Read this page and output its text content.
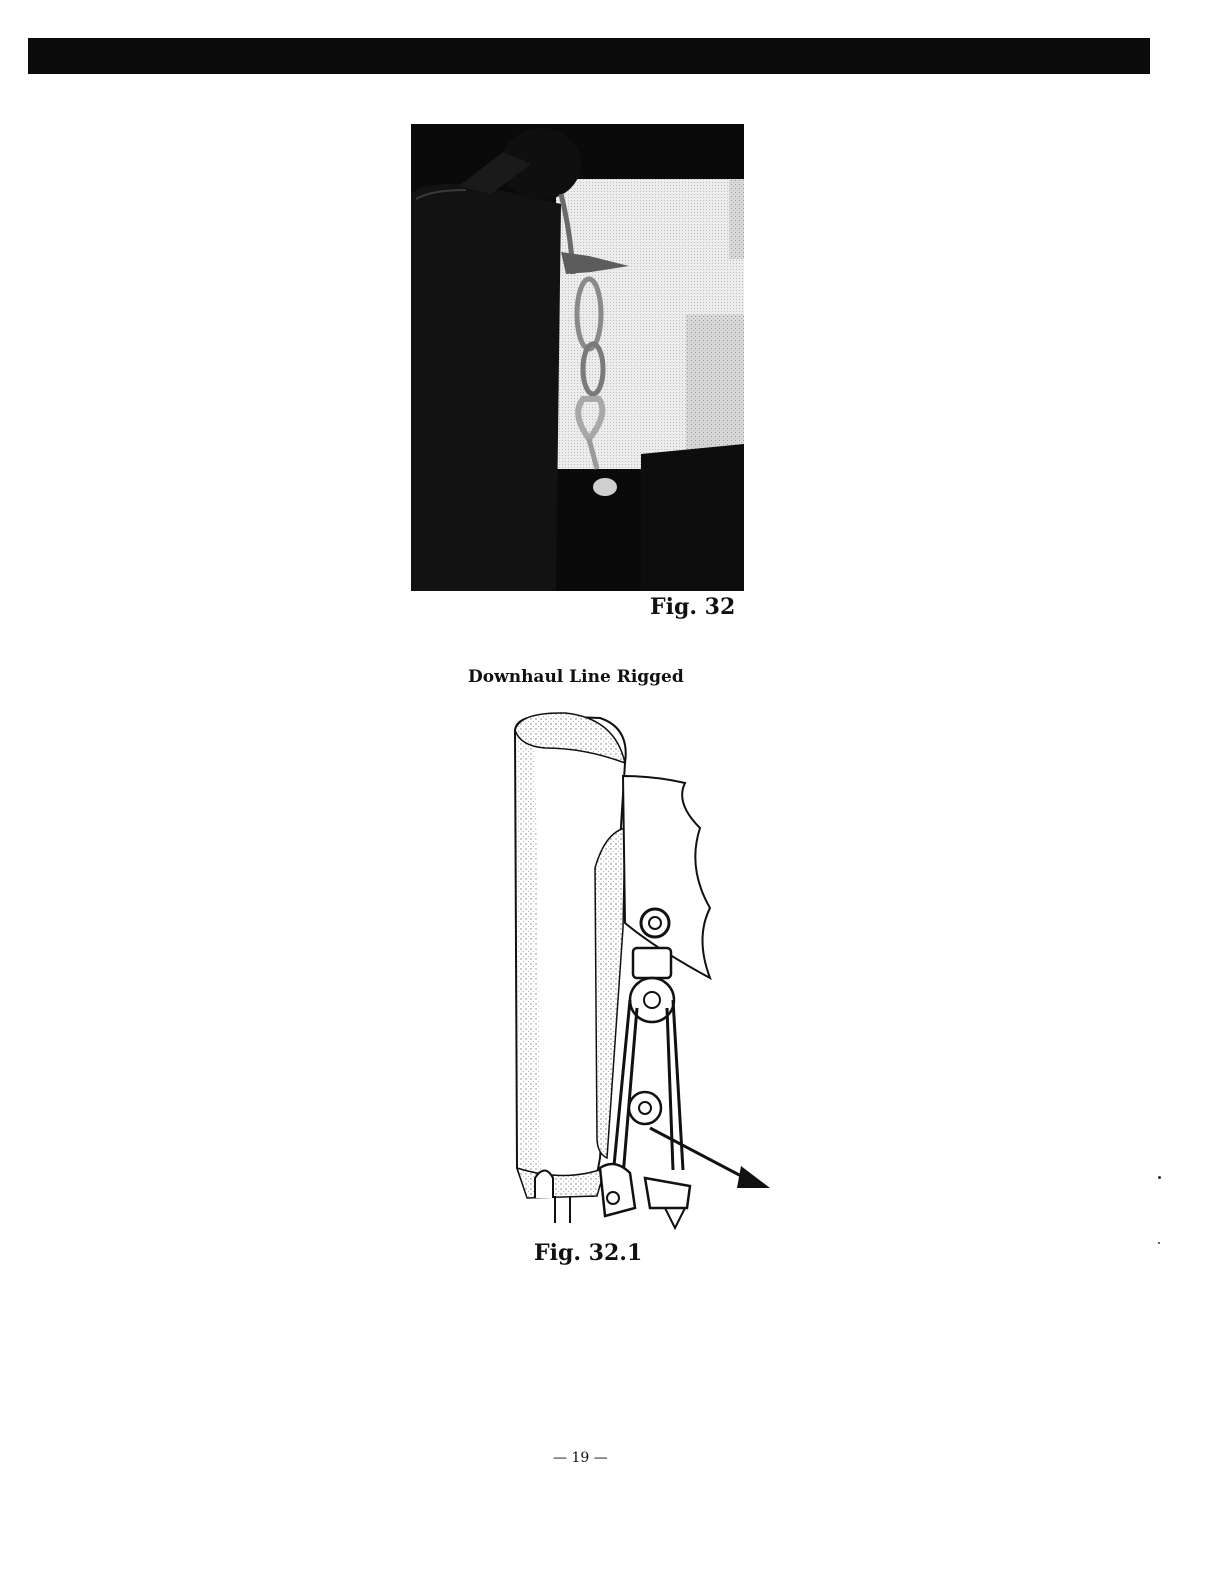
Fig. 32
Downhaul Line Rigged
Fig. 32.1
— 19 —
